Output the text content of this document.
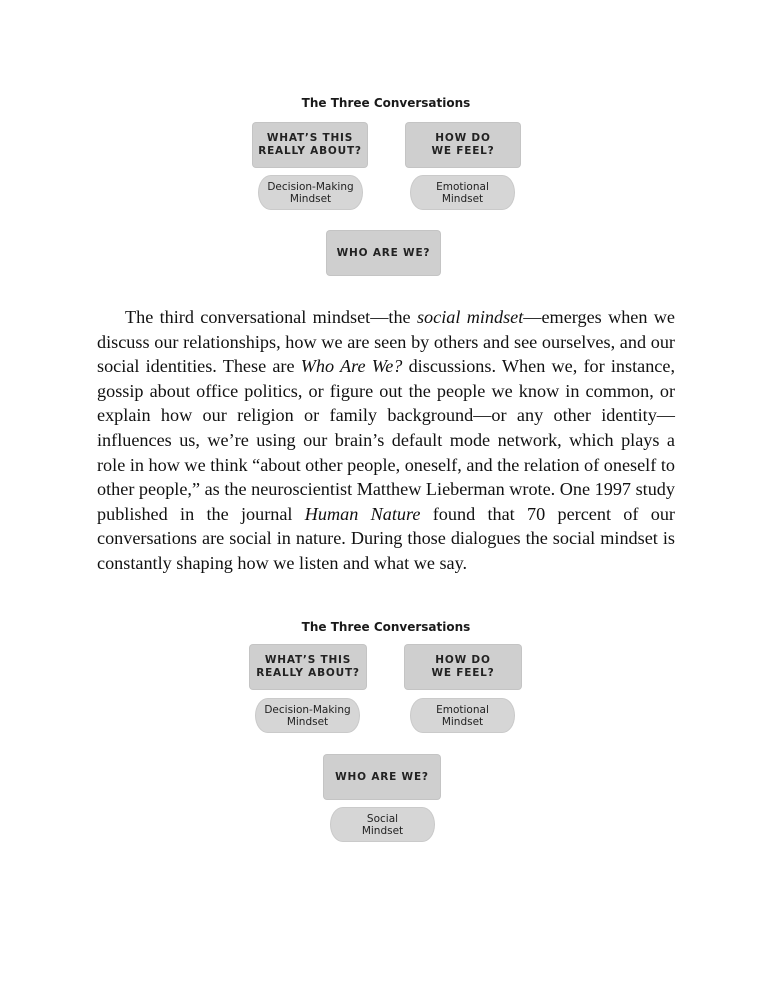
The Three Conversations
WHAT’S THIS
REALLY ABOUT?
HOW DO
WE FEEL?
Decision-Making
Mindset
Emotional
Mindset
WHO ARE WE?

The third conversational mindset—the social mindset—emerges when we discuss our relationships, how we are seen by others and see ourselves, and our social identities. These are Who Are We? discussions. When we, for instance, gossip about office politics, or figure out the people we know in common, or explain how our religion or family background—or any other identity—influences us, we’re using our brain’s default mode network, which plays a role in how we think “about other people, oneself, and the relation of oneself to other people,” as the neuroscientist Matthew Lieberman wrote. One 1997 study published in the journal Human Nature found that 70 percent of our conversations are social in nature. During those dialogues the social mindset is constantly shaping how we listen and what we say.

The Three Conversations
WHAT’S THIS
REALLY ABOUT?
HOW DO
WE FEEL?
Decision-Making
Mindset
Emotional
Mindset
WHO ARE WE?
Social
Mindset
